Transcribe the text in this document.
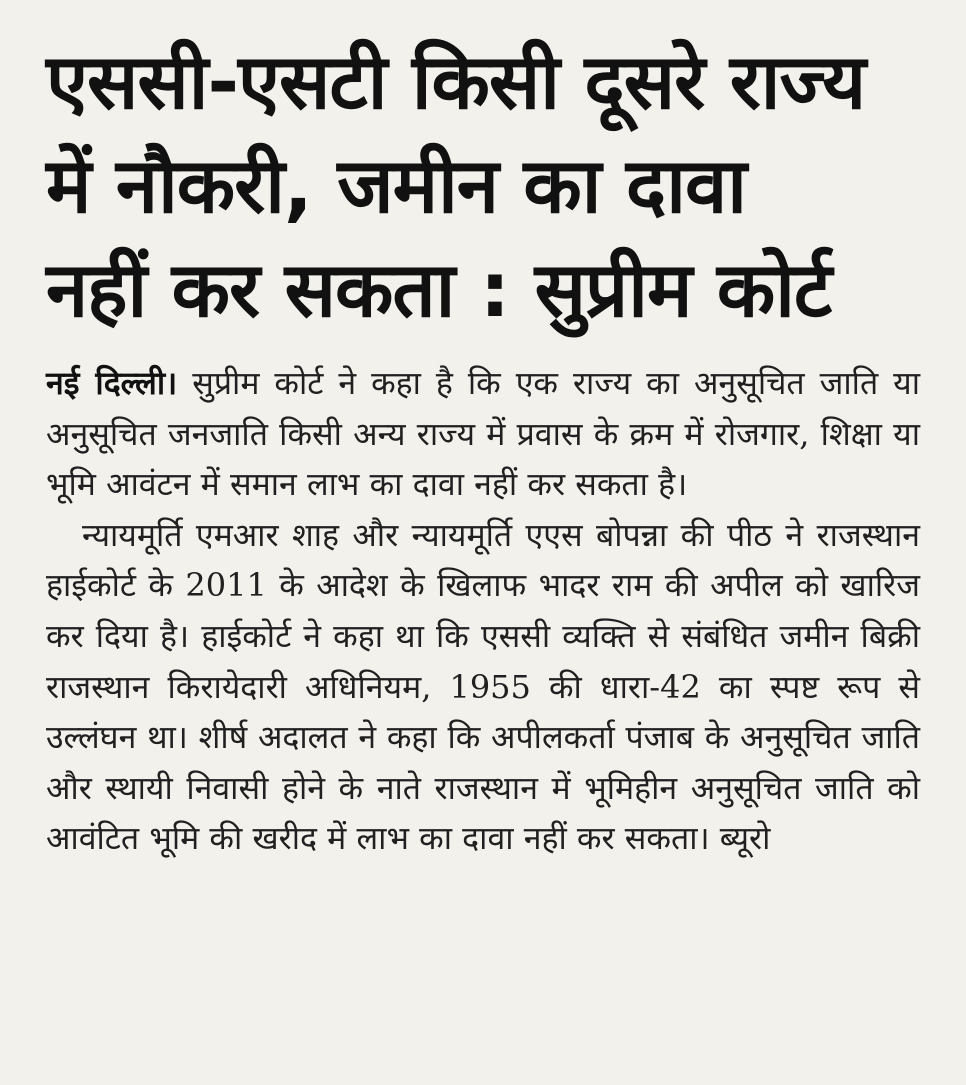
एससी-एसटी किसी दूसरे राज्य
में नौकरी, जमीन का दावा
नहीं कर सकता : सुप्रीम कोर्ट

नई दिल्ली। सुप्रीम कोर्ट ने कहा है कि एक राज्य का अनुसूचित जाति या अनुसूचित जनजाति किसी अन्य राज्य में प्रवास के क्रम में रोजगार, शिक्षा या भूमि आवंटन में समान लाभ का दावा नहीं कर सकता है।

न्यायमूर्ति एमआर शाह और न्यायमूर्ति एएस बोपन्ना की पीठ ने राजस्थान हाईकोर्ट के 2011 के आदेश के खिलाफ भादर राम की अपील को खारिज कर दिया है। हाईकोर्ट ने कहा था कि एससी व्यक्ति से संबंधित जमीन बिक्री राजस्थान किरायेदारी अधिनियम, 1955 की धारा-42 का स्पष्ट रूप से उल्लंघन था। शीर्ष अदालत ने कहा कि अपीलकर्ता पंजाब के अनुसूचित जाति और स्थायी निवासी होने के नाते राजस्थान में भूमिहीन अनुसूचित जाति को आवंटित भूमि की खरीद में लाभ का दावा नहीं कर सकता। ब्यूरो
